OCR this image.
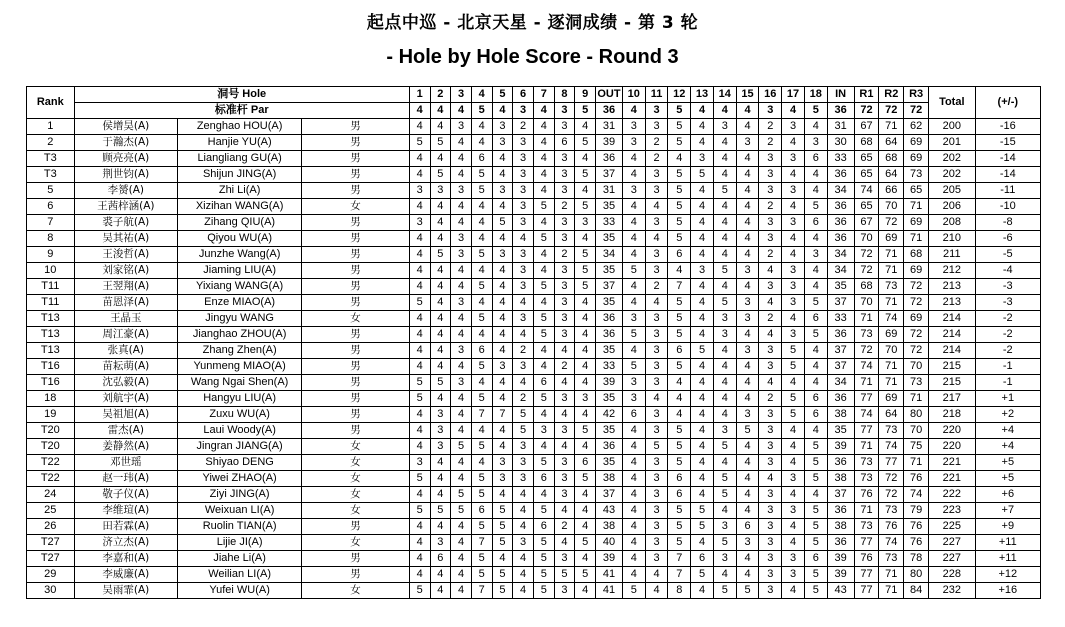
起点中巡 - 北京天星 - 逐洞成绩 - 第 3 轮
- Hole by Hole Score - Round 3
Rank	洞号 Hole			1	2	3	4	5	6	7	8	9	OUT	10	11	12	13	14	15	16	17	18	IN	R1	R2	R3	Total	(+/-)
	标准杆 Par			4	4	4	5	4	3	4	3	5	36	4	3	5	4	4	4	3	4	5	36	72	72	72		
1	侯增昊(A)	Zenghao HOU(A)	男	4	4	3	4	3	2	4	3	4	31	3	3	5	4	3	4	2	3	4	31	67	71	62	200	-16
2	于瀚杰(A)	Hanjie YU(A)	男	5	5	4	4	3	3	4	6	5	39	3	2	5	4	4	3	2	4	3	30	68	64	69	201	-15
T3	顾亮亮(A)	Liangliang GU(A)	男	4	4	4	6	4	3	4	3	4	36	4	2	4	3	4	4	3	3	6	33	65	68	69	202	-14
T3	荆世钧(A)	Shijun JING(A)	男	4	5	4	5	4	3	4	3	5	37	4	3	5	5	4	4	3	4	4	36	65	64	73	202	-14
5	李赟(A)	Zhi Li(A)	男	3	3	3	5	3	3	4	3	4	31	3	3	5	4	5	4	3	3	4	34	74	66	65	205	-11
6	王茜梓涵(A)	Xizihan WANG(A)	女	4	4	4	4	4	3	5	2	5	35	4	4	5	4	4	4	2	4	5	36	65	70	71	206	-10
7	裘子航(A)	Zihang QIU(A)	男	3	4	4	4	5	3	4	3	3	33	4	3	5	4	4	4	3	3	6	36	67	72	69	208	-8
8	吴其祐(A)	Qiyou WU(A)	男	4	4	3	4	4	4	5	3	4	35	4	4	5	4	4	4	3	4	4	36	70	69	71	210	-6
9	王浚哲(A)	Junzhe Wang(A)	男	4	5	3	5	3	3	4	2	5	34	4	3	6	4	4	4	2	4	3	34	72	71	68	211	-5
10	刘家铭(A)	Jiaming LIU(A)	男	4	4	4	4	4	3	4	3	5	35	5	3	4	3	5	3	4	3	4	34	72	71	69	212	-4
T11	王翌翔(A)	Yixiang WANG(A)	男	4	4	4	5	4	3	5	3	5	37	4	2	7	4	4	4	3	3	4	35	68	73	72	213	-3
T11	苗恩泽(A)	Enze MIAO(A)	男	5	4	3	4	4	4	4	3	4	35	4	4	5	4	5	3	4	3	5	37	70	71	72	213	-3
T13	王晶玉	Jingyu WANG	女	4	4	4	5	4	3	5	3	4	36	3	3	5	4	3	3	2	4	6	33	71	74	69	214	-2
T13	周江豪(A)	Jianghao ZHOU(A)	男	4	4	4	4	4	4	5	3	4	36	5	3	5	4	3	4	4	3	5	36	73	69	72	214	-2
T13	张真(A)	Zhang Zhen(A)	男	4	4	3	6	4	2	4	4	4	35	4	3	6	5	4	3	3	5	4	37	72	70	72	214	-2
T16	苗耘萌(A)	Yunmeng MIAO(A)	男	4	4	4	5	3	3	4	2	4	33	5	3	5	4	4	4	3	5	4	37	74	71	70	215	-1
T16	沈弘毅(A)	Wang Ngai Shen(A)	男	5	5	3	4	4	4	6	4	4	39	3	3	4	4	4	4	4	4	4	34	71	71	73	215	-1
18	刘航宇(A)	Hangyu LIU(A)	男	5	4	4	5	4	2	5	3	3	35	3	4	4	4	4	4	2	5	6	36	77	69	71	217	+1
19	吴祖旭(A)	Zuxu WU(A)	男	4	3	4	7	7	5	4	4	4	42	6	3	4	4	4	3	3	5	6	38	74	64	80	218	+2
T20	雷杰(A)	Laui Woody(A)	男	4	3	4	4	4	5	3	3	5	35	4	3	5	4	3	5	3	4	4	35	77	73	70	220	+4
T20	姜静然(A)	Jingran JIANG(A)	女	4	3	5	5	4	3	4	4	4	36	4	5	5	4	5	4	3	4	5	39	71	74	75	220	+4
T22	邓世瑶	Shiyao DENG	女	3	4	4	4	3	3	5	3	6	35	4	3	5	4	4	4	3	4	5	36	73	77	71	221	+5
T22	赵一玮(A)	Yiwei ZHAO(A)	女	5	4	4	5	3	3	6	3	5	38	4	3	6	4	5	4	4	3	5	38	73	72	76	221	+5
24	敬子仪(A)	Ziyi JING(A)	女	4	4	5	5	4	4	4	3	4	37	4	3	6	4	5	4	3	4	4	37	76	72	74	222	+6
25	李维瑄(A)	Weixuan LI(A)	女	5	5	5	6	5	4	5	4	4	43	4	3	5	5	4	4	3	3	5	36	71	73	79	223	+7
26	田若霖(A)	Ruolin TIAN(A)	男	4	4	4	5	5	4	6	2	4	38	4	3	5	5	3	6	3	4	5	38	73	76	76	225	+9
T27	济立杰(A)	Lijie JI(A)	女	4	3	4	7	5	3	5	4	5	40	4	3	5	4	5	3	3	4	5	36	77	74	76	227	+11
T27	李嘉和(A)	Jiahe Li(A)	男	4	6	4	5	4	4	5	3	4	39	4	3	7	6	3	4	3	3	6	39	76	73	78	227	+11
29	李威廉(A)	Weilian LI(A)	男	4	4	4	5	5	4	5	5	5	41	4	4	7	5	4	4	3	3	5	39	77	71	80	228	+12
30	吴雨霏(A)	Yufei WU(A)	女	5	4	4	7	5	4	5	3	4	41	5	4	8	4	5	5	3	4	5	43	77	71	84	232	+16
